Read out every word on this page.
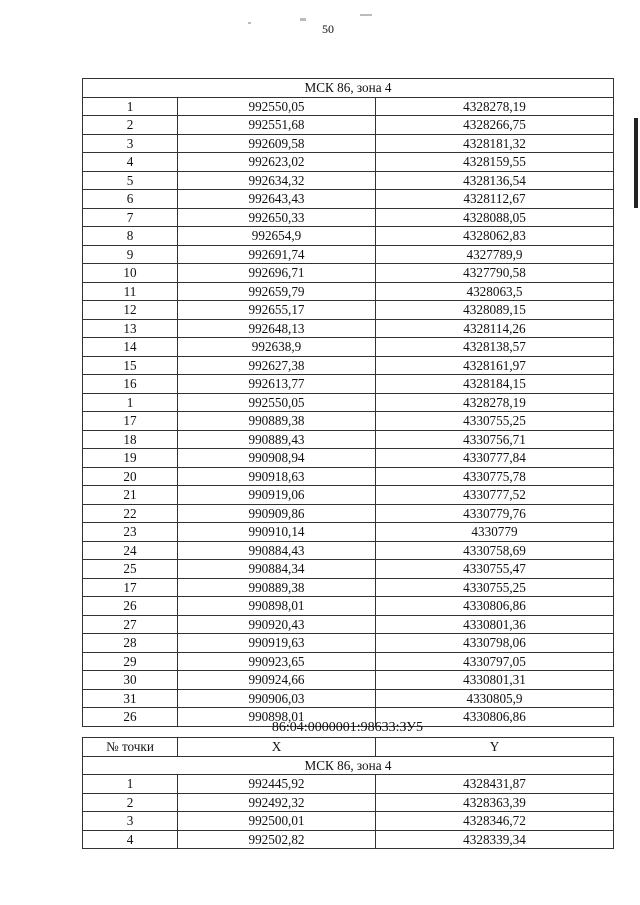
50
МСК 86, зона 4		
1	992550,05	4328278,19
2	992551,68	4328266,75
3	992609,58	4328181,32
4	992623,02	4328159,55
5	992634,32	4328136,54
6	992643,43	4328112,67
7	992650,33	4328088,05
8	992654,9	4328062,83
9	992691,74	4327789,9
10	992696,71	4327790,58
11	992659,79	4328063,5
12	992655,17	4328089,15
13	992648,13	4328114,26
14	992638,9	4328138,57
15	992627,38	4328161,97
16	992613,77	4328184,15
1	992550,05	4328278,19
17	990889,38	4330755,25
18	990889,43	4330756,71
19	990908,94	4330777,84
20	990918,63	4330775,78
21	990919,06	4330777,52
22	990909,86	4330779,76
23	990910,14	4330779
24	990884,43	4330758,69
25	990884,34	4330755,47
17	990889,38	4330755,25
26	990898,01	4330806,86
27	990920,43	4330801,36
28	990919,63	4330798,06
29	990923,65	4330797,05
30	990924,66	4330801,31
31	990906,03	4330805,9
26	990898,01	4330806,86
86:04:0000001:98633:ЗУ5
№ точки	X	Y
МСК 86, зона 4		
1	992445,92	4328431,87
2	992492,32	4328363,39
3	992500,01	4328346,72
4	992502,82	4328339,34
